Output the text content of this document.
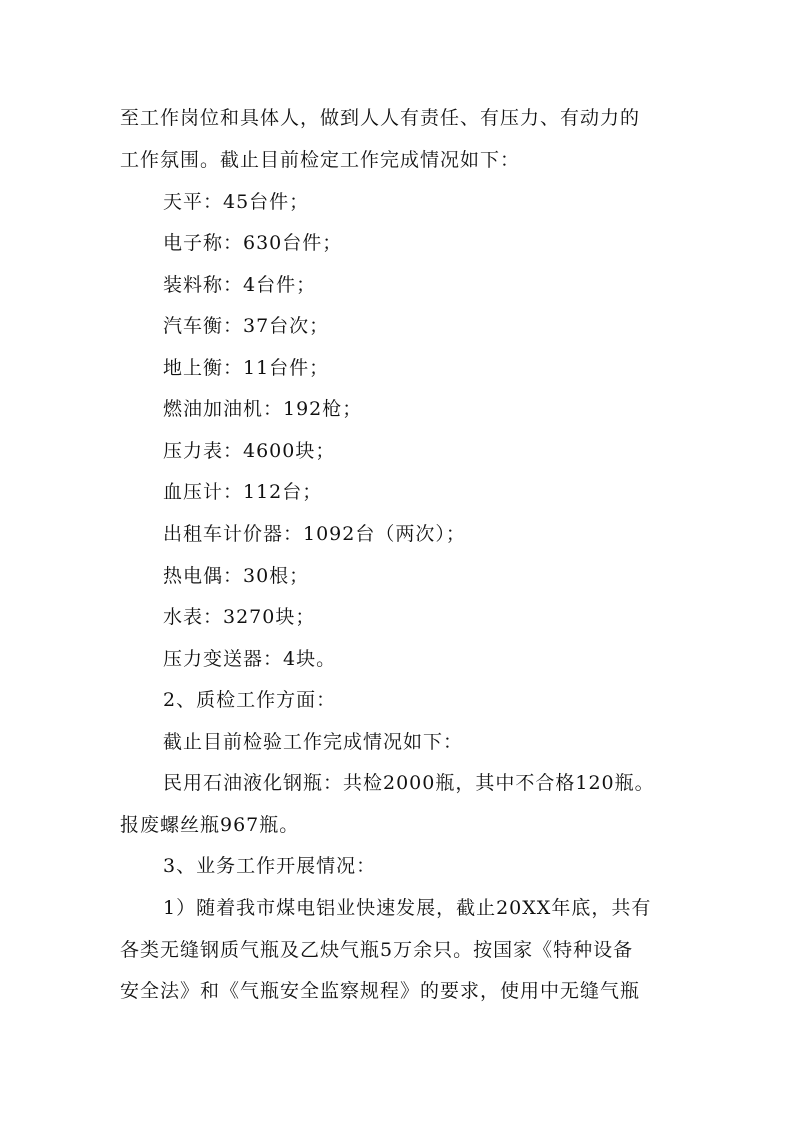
至工作岗位和具体人，做到人人有责任、有压力、有动力的
工作氛围。截止目前检定工作完成情况如下：
天平：45台件；
电子称：630台件；
装料称：4台件；
汽车衡：37台次；
地上衡：11台件；
燃油加油机：192枪；
压力表：4600块；
血压计：112台；
出租车计价器：1092台（两次）；
热电偶：30根；
水表：3270块；
压力变送器：4块。
2、质检工作方面：
截止目前检验工作完成情况如下：
民用石油液化钢瓶：共检2000瓶，其中不合格120瓶。
报废螺丝瓶967瓶。
3、业务工作开展情况：
1）随着我市煤电铝业快速发展，截止20XX年底，共有
各类无缝钢质气瓶及乙炔气瓶5万余只。按国家《特种设备
安全法》和《气瓶安全监察规程》的要求，使用中无缝气瓶
